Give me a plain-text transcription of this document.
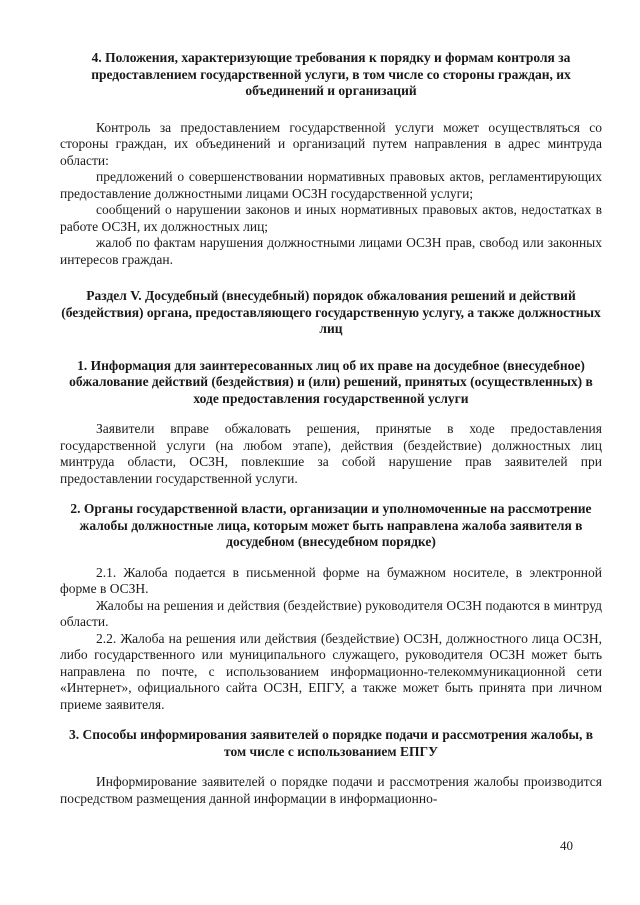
4. Положения, характеризующие требования к порядку и формам контроля за предоставлением государственной услуги, в том числе со стороны граждан, их объединений и организаций

Контроль за предоставлением государственной услуги может осуществляться со стороны граждан, их объединений и организаций путем направления в адрес минтруда области:

предложений о совершенствовании нормативных правовых актов, регламентирующих предоставление должностными лицами ОСЗН государственной услуги;

сообщений о нарушении законов и иных нормативных правовых актов, недостатках в работе ОСЗН, их должностных лиц;

жалоб по фактам нарушения должностными лицами ОСЗН прав, свобод или законных интересов граждан.

Раздел V. Досудебный (внесудебный) порядок обжалования решений и действий (бездействия) органа, предоставляющего государственную услугу, а также должностных лиц
1. Информация для заинтересованных лиц об их праве на досудебное (внесудебное) обжалование действий (бездействия) и (или) решений, принятых (осуществленных) в ходе предоставления государственной услуги

Заявители вправе обжаловать решения, принятые в ходе предоставления государственной услуги (на любом этапе), действия (бездействие) должностных лиц минтруда области, ОСЗН, повлекшие за собой нарушение прав заявителей при предоставлении государственной услуги.

2. Органы государственной власти, организации и уполномоченные на рассмотрение жалобы должностные лица, которым может быть направлена жалоба заявителя в досудебном (внесудебном порядке)

2.1. Жалоба подается в письменной форме на бумажном носителе, в электронной форме в ОСЗН.

Жалобы на решения и действия (бездействие) руководителя ОСЗН подаются в минтруд области.

2.2. Жалоба на решения или действия (бездействие) ОСЗН, должностного лица ОСЗН, либо государственного или муниципального служащего, руководителя ОСЗН может быть направлена по почте, с использованием информационно-телекоммуникационной сети «Интернет», официального сайта ОСЗН, ЕПГУ, а также может быть принята при личном приеме заявителя.

3. Способы информирования заявителей о порядке подачи и рассмотрения жалобы, в том числе с использованием ЕПГУ

Информирование заявителей о порядке подачи и рассмотрения жалобы производится посредством размещения данной информации в информационно-

40
